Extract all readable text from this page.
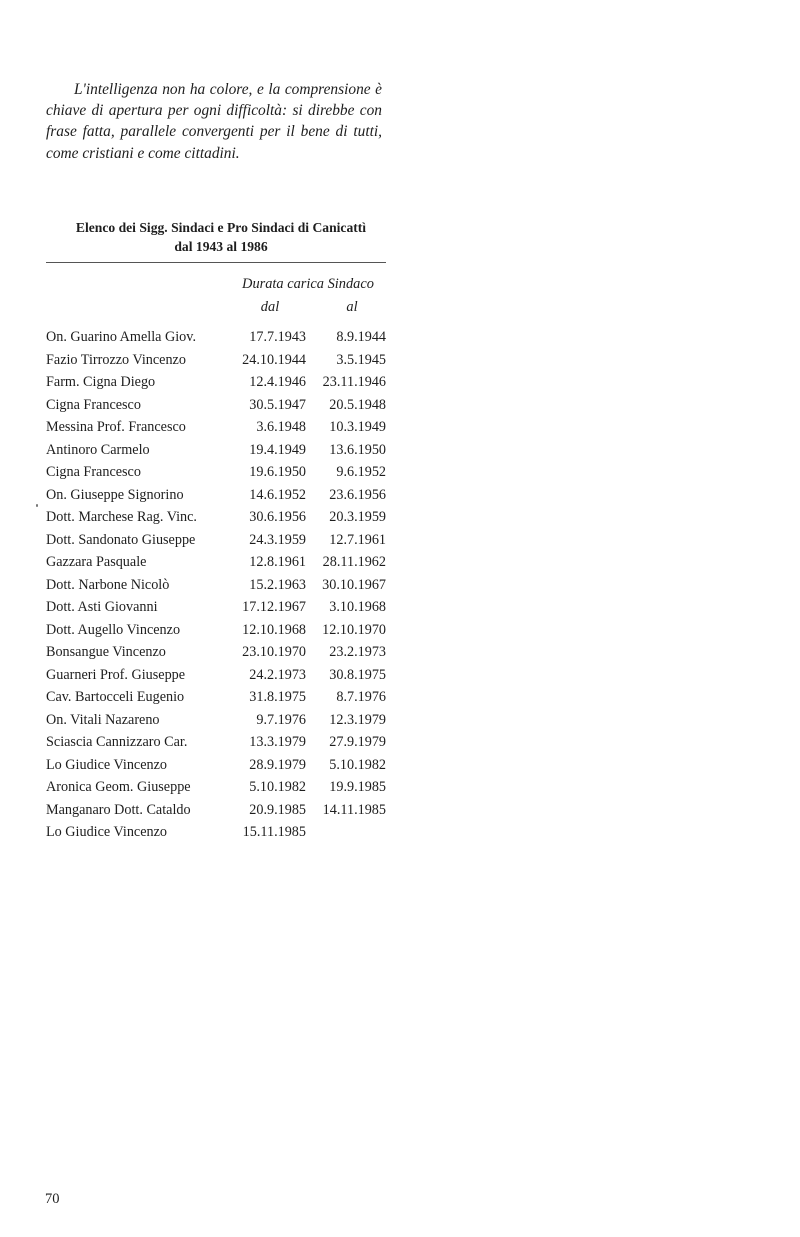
L'intelligenza non ha colore, e la comprensione è chiave di apertura per ogni difficoltà: si direbbe con frase fatta, parallele convergenti per il bene di tutti, come cristiani e come cittadini.

Elenco dei Sigg. Sindaci e Pro Sindaci di Canicattì
dal 1943 al 1986
Durata carica Sindaco
dal	al
On. Guarino Amella Giov.	17.7.1943	8.9.1944
Fazio Tirrozzo Vincenzo	24.10.1944	3.5.1945
Farm. Cigna Diego	12.4.1946	23.11.1946
Cigna Francesco	30.5.1947	20.5.1948
Messina Prof. Francesco	3.6.1948	10.3.1949
Antinoro Carmelo	19.4.1949	13.6.1950
Cigna Francesco	19.6.1950	9.6.1952
On. Giuseppe Signorino	14.6.1952	23.6.1956
Dott. Marchese Rag. Vinc.	30.6.1956	20.3.1959
Dott. Sandonato Giuseppe	24.3.1959	12.7.1961
Gazzara Pasquale	12.8.1961	28.11.1962
Dott. Narbone Nicolò	15.2.1963	30.10.1967
Dott. Asti Giovanni	17.12.1967	3.10.1968
Dott. Augello Vincenzo	12.10.1968	12.10.1970
Bonsangue Vincenzo	23.10.1970	23.2.1973
Guarneri Prof. Giuseppe	24.2.1973	30.8.1975
Cav. Bartocceli Eugenio	31.8.1975	8.7.1976
On. Vitali Nazareno	9.7.1976	12.3.1979
Sciascia Cannizzaro Car.	13.3.1979	27.9.1979
Lo Giudice Vincenzo	28.9.1979	5.10.1982
Aronica Geom. Giuseppe	5.10.1982	19.9.1985
Manganaro Dott. Cataldo	20.9.1985	14.11.1985
Lo Giudice Vincenzo	15.11.1985
70
